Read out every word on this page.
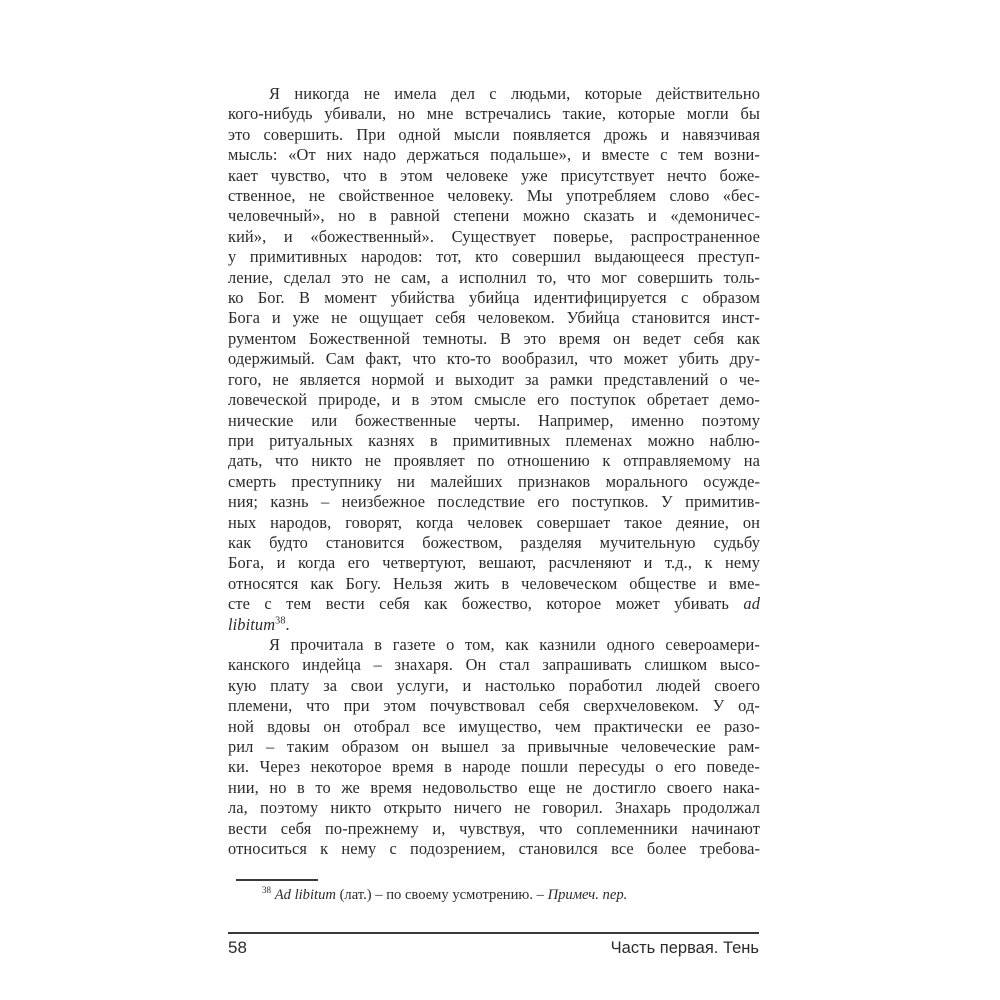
Я никогда не имела дел с людьми, которые действительно
кого-нибудь убивали, но мне встречались такие, которые могли бы
это совершить. При одной мысли появляется дрожь и навязчивая
мысль: «От них надо держаться подальше», и вместе с тем возни-
кает чувство, что в этом человеке уже присутствует нечто боже-
ственное, не свойственное человеку. Мы употребляем слово «бес-
человечный», но в равной степени можно сказать и «демоничес-
кий», и «божественный». Существует поверье, распространенное
у примитивных народов: тот, кто совершил выдающееся преступ-
ление, сделал это не сам, а исполнил то, что мог совершить толь-
ко Бог. В момент убийства убийца идентифицируется с образом
Бога и уже не ощущает себя человеком. Убийца становится инст-
рументом Божественной темноты. В это время он ведет себя как
одержимый. Сам факт, что кто-то вообразил, что может убить дру-
гого, не является нормой и выходит за рамки представлений о че-
ловеческой природе, и в этом смысле его поступок обретает демо-
нические или божественные черты. Например, именно поэтому
при ритуальных казнях в примитивных племенах можно наблю-
дать, что никто не проявляет по отношению к отправляемому на
смерть преступнику ни малейших признаков морального осужде-
ния; казнь – неизбежное последствие его поступков. У примитив-
ных народов, говорят, когда человек совершает такое деяние, он
как будто становится божеством, разделяя мучительную судьбу
Бога, и когда его четвертуют, вешают, расчленяют и т.д., к нему
относятся как Богу. Нельзя жить в человеческом обществе и вме-
сте с тем вести себя как божество, которое может убивать ad
libitum$^{38}$.
Я прочитала в газете о том, как казнили одного североамери-
канского индейца – знахаря. Он стал запрашивать слишком высо-
кую плату за свои услуги, и настолько поработил людей своего
племени, что при этом почувствовал себя сверхчеловеком. У од-
ной вдовы он отобрал все имущество, чем практически ее разо-
рил – таким образом он вышел за привычные человеческие рам-
ки. Через некоторое время в народе пошли пересуды о его поведе-
нии, но в то же время недовольство еще не достигло своего нака-
ла, поэтому никто открыто ничего не говорил. Знахарь продолжал
вести себя по-прежнему и, чувствуя, что соплеменники начинают
относиться к нему с подозрением, становился все более требова-
$^{38}$ Ad libitum (лат.) – по своему усмотрению. – Примеч. пер.
58	Часть первая. Тень
